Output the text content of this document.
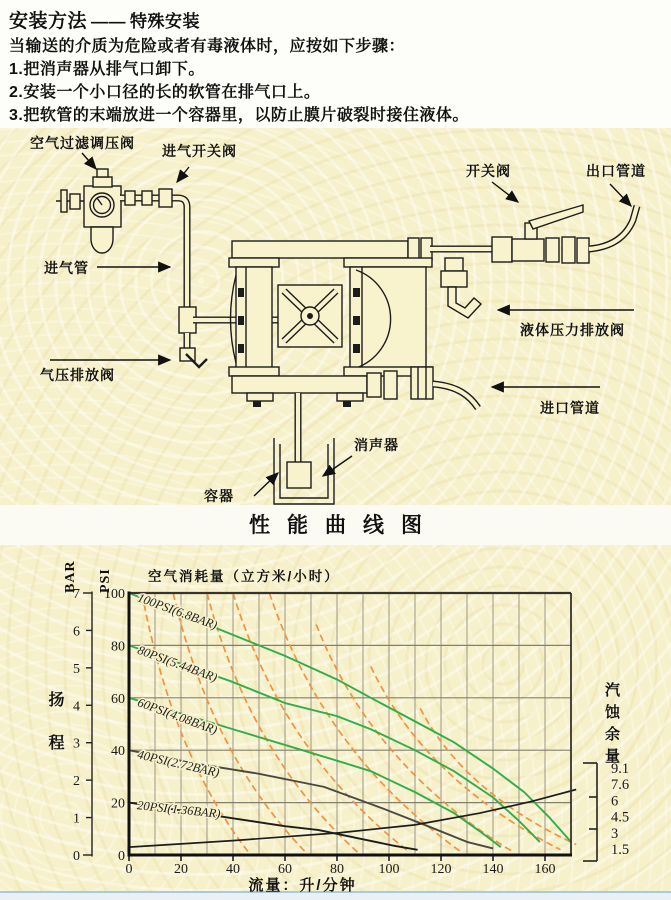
安装方法 —— 特殊安装
当输送的介质为危险或者有毒液体时，应按如下步骤：
1.把消声器从排气口卸下。
2.安装一个小口径的长的软管在排气口上。
3.把软管的末端放进一个容器里，以防止膜片破裂时接住液体。
空气过滤调压阀 进气开关阀
进气管
气压排放阀
开关阀	出口管道
液体压力排放阀
进口管道
消声器
容器
性能曲线图
0
1
2
3
4
5
6
7
0
20
40
60
80
100
0	20	40	60	80 100 120 140 160
9.1
7.6
6
4.5
3
1.5
100PSI(6.8BAR)
80PSI(5.44BAR)
60PSI(4.08BAR)
40PSI(2.72BAR)
20PSI(1.36BAR)
空气消耗量（立方米/小时）
BAR PSI
扬程	汽蚀余量
流量：升/分钟
